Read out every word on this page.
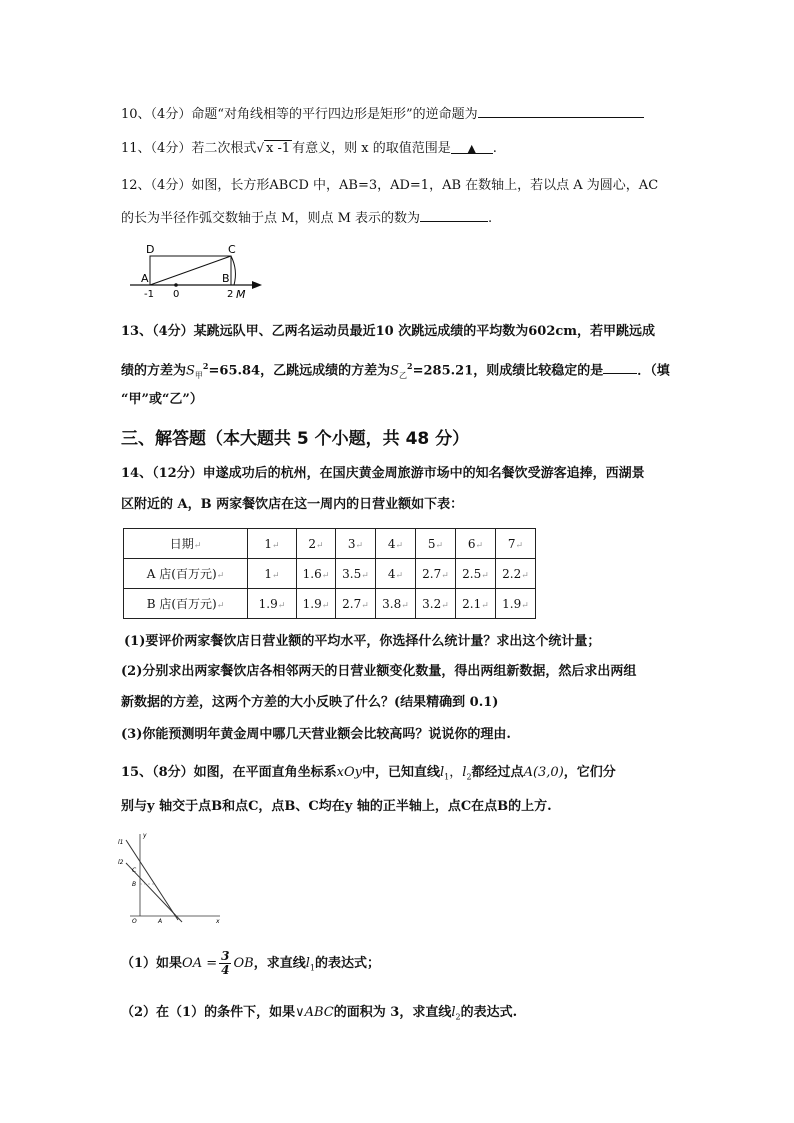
10、（4分）命题“对角线相等的平行四边形是矩形”的逆命题为
11、（4分）若二次根式√ x -1 有意义，则 x 的取值范围是 ▲ .
12、（4分）如图，长方形ABCD 中，AB=3，AD=1，AB 在数轴上，若以点 A 为圆心，AC
的长为半径作弧交数轴于点 M，则点 M 表示的数为	.
D	C
A	B
-1 0	2 M
13、（4分）某跳远队甲、乙两名运动员最近10 次跳远成绩的平均数为602cm，若甲跳远成
绩的方差为$S_甲^2=65.84$，乙跳远成绩的方差为$S_乙^2=285.21$，则成绩比较稳定的是	．（填
“甲”或“乙”）
三、解答题（本大题共 5 个小题，共 48 分）
14、（12分）申遂成功后的杭州，在国庆黄金周旅游市场中的知名餐饮受游客追捧，西湖景
区附近的 A，B 两家餐饮店在这一周内的日营业额如下表：
日期↵	1↵	2↵	3↵	4↵	5↵	6↵	7↵
A 店(百万元)↵	1↵	1.6↵	3.5↵	4↵	2.7↵	2.5↵	2.2↵
B 店(百万元)↵	1.9↵	1.9↵	2.7↵	3.8↵	3.2↵	2.1↵	1.9↵
(1)要评价两家餐饮店日营业额的平均水平，你选择什么统计量？求出这个统计量；
(2)分别求出两家餐饮店各相邻两天的日营业额变化数量，得出两组新数据，然后求出两组
新数据的方差，这两个方差的大小反映了什么？(结果精确到 0.1)
(3)你能预测明年黄金周中哪几天营业额会比较高吗？说说你的理由.
15、（8分）如图，在平面直角坐标系xOy中，已知直线$l_1$，$l_2$都经过点A(3,0)，它们分
别与y 轴交于点B和点C，点B、C均在y 轴的正半轴上，点C在点B的上方.
l1
l2
C
B
O	A
y
x
（1）如果OA = $\frac{3}{4}$ OB，求直线$l_1$的表达式；
（2）在（1）的条件下，如果∨ABC的面积为 3，求直线$l_2$的表达式.
